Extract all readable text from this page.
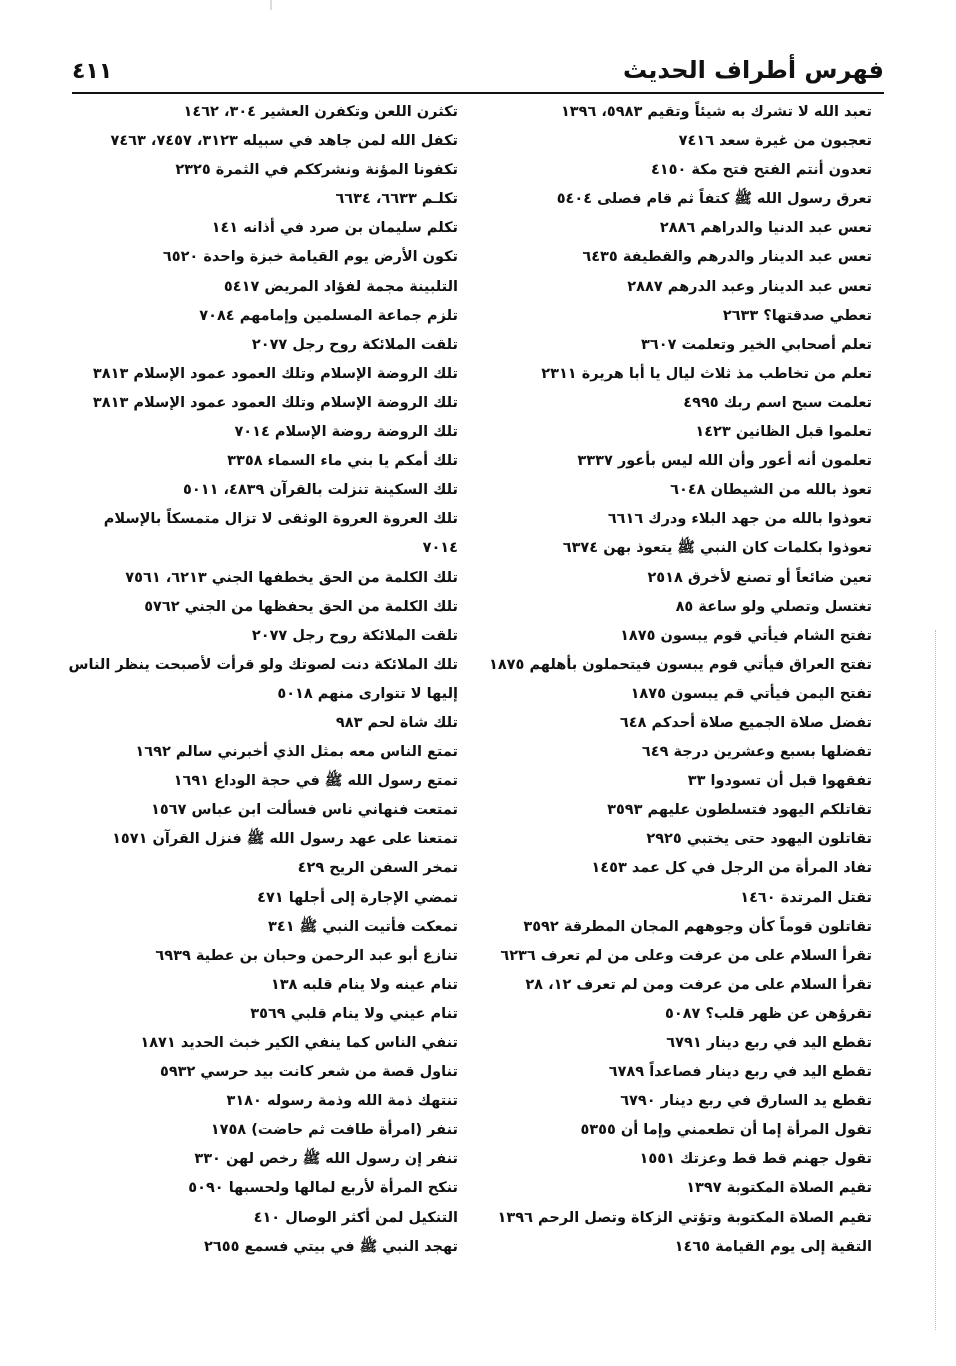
فهرس أطراف الحديث
٤١١
تعبد الله لا تشرك به شيئاً وتقيم ٥٩٨٣، ١٣٩٦
تعجبون من غيرة سعد ٧٤١٦
تعدون أنتم الفتح فتح مكة ٤١٥٠
تعرق رسول الله ﷺ كتفاً ثم قام فصلى ٥٤٠٤
تعس عبد الدنيا والدراهم ٢٨٨٦
تعس عبد الدينار والدرهم والقطيفة ٦٤٣٥
تعس عبد الدينار وعبد الدرهم ٢٨٨٧
تعطي صدقتها؟ ٢٦٣٣
تعلم أصحابي الخير وتعلمت ٣٦٠٧
تعلم من تخاطب مذ ثلاث ليال يا أبا هريرة ٢٣١١
تعلمت سبح اسم ربك ٤٩٩٥
تعلموا قبل الظانين ١٤٢٣
تعلمون أنه أعور وأن الله ليس بأعور ٣٣٣٧
تعوذ بالله من الشيطان ٦٠٤٨
تعوذوا بالله من جهد البلاء ودرك ٦٦١٦
تعوذوا بكلمات كان النبي ﷺ يتعوذ بهن ٦٣٧٤
تعين ضائعاً أو تصنع لأخرق ٢٥١٨
تغتسل وتصلي ولو ساعة ٨٥
تفتح الشام فيأتي قوم يبسون ١٨٧٥
تفتح العراق فيأتي قوم يبسون فيتحملون بأهلهم ١٨٧٥
تفتح اليمن فيأتي قم يبسون ١٨٧٥
تفضل صلاة الجميع صلاة أحدكم ٦٤٨
تفضلها بسبع وعشرين درجة ٦٤٩
تفقهوا قبل أن تسودوا ٣٣
تقاتلكم اليهود فتسلطون عليهم ٣٥٩٣
تقاتلون اليهود حتى يختبي ٢٩٢٥
تفاد المرأة من الرجل في كل عمد ١٤٥٣
تقتل المرتدة ١٤٦٠
تقاتلون قوماً كأن وجوههم المجان المطرقة ٣٥٩٢
تقرأ السلام على من عرفت وعلى من لم تعرف ٦٢٣٦
تقرأ السلام على من عرفت ومن لم تعرف ١٢، ٢٨
تقرؤهن عن ظهر قلب؟ ٥٠٨٧
تقطع اليد في ربع دينار ٦٧٩١
تقطع اليد في ربع دينار فصاعداً ٦٧٨٩
تقطع يد السارق في ربع دينار ٦٧٩٠
تقول المرأة إما أن تطعمني وإما أن ٥٣٥٥
تقول جهنم قط قط وعزتك ١٥٥١
تقيم الصلاة المكتوبة ١٣٩٧
تقيم الصلاة المكتوبة وتؤتي الزكاة وتصل الرحم ١٣٩٦
التقية إلى يوم القيامة ١٤٦٥
تكثرن اللعن وتكفرن العشير ٣٠٤، ١٤٦٢
تكفل الله لمن جاهد في سبيله ٣١٢٣، ٧٤٥٧، ٧٤٦٣
تكفونا المؤنة ونشرككم في الثمرة ٢٣٢٥
تكلـم ٦٦٣٣، ٦٦٣٤
تكلم سليمان بن صرد في أذانه ١٤١
تكون الأرض يوم القيامة خبزة واحدة ٦٥٢٠
التلبينة مجمة لفؤاد المريض ٥٤١٧
تلزم جماعة المسلمين وإمامهم ٧٠٨٤
تلقت الملائكة روح رجل ٢٠٧٧
تلك الروضة الإسلام وتلك العمود عمود الإسلام ٣٨١٣
تلك الروضة الإسلام وتلك العمود عمود الإسلام ٣٨١٣
تلك الروضة روضة الإسلام ٧٠١٤
تلك أمكم يا بني ماء السماء ٣٣٥٨
تلك السكينة تنزلت بالقرآن ٤٨٣٩، ٥٠١١
تلك العروة العروة الوثقى لا تزال متمسكاً بالإسلام ٧٠١٤
تلك الكلمة من الحق يخطفها الجني ٦٢١٣، ٧٥٦١
تلك الكلمة من الحق يحفظها من الجني ٥٧٦٢
تلقت الملائكة روح رجل ٢٠٧٧
تلك الملائكة دنت لصوتك ولو قرأت لأصبحت ينظر الناس إليها لا تتوارى منهم ٥٠١٨
تلك شاة لحم ٩٨٣
تمتع الناس معه بمثل الذي أخبرني سالم ١٦٩٢
تمتع رسول الله ﷺ في حجة الوداع ١٦٩١
تمتعت فنهاني ناس فسألت ابن عباس ١٥٦٧
تمتعنا على عهد رسول الله ﷺ فنزل القرآن ١٥٧١
تمخر السفن الريح ٤٢٩
تمضي الإجارة إلى أجلها ٤٧١
تمعكت فأتيت النبي ﷺ ٣٤١
تنازع أبو عبد الرحمن وحبان بن عطية ٦٩٣٩
تنام عينه ولا ينام قلبه ١٣٨
تنام عيني ولا ينام قلبي ٣٥٦٩
تنفي الناس كما ينفي الكير خبث الحديد ١٨٧١
تناول قصة من شعر كانت بيد حرسي ٥٩٣٢
تنتهك ذمة الله وذمة رسوله ٣١٨٠
تنفر (امرأة طافت ثم حاضت) ١٧٥٨
تنفر إن رسول الله ﷺ رخص لهن ٣٣٠
تنكح المرأة لأربع لمالها ولحسبها ٥٠٩٠
التنكيل لمن أكثر الوصال ٤١٠
تهجد النبي ﷺ في بيتي فسمع ٢٦٥٥
